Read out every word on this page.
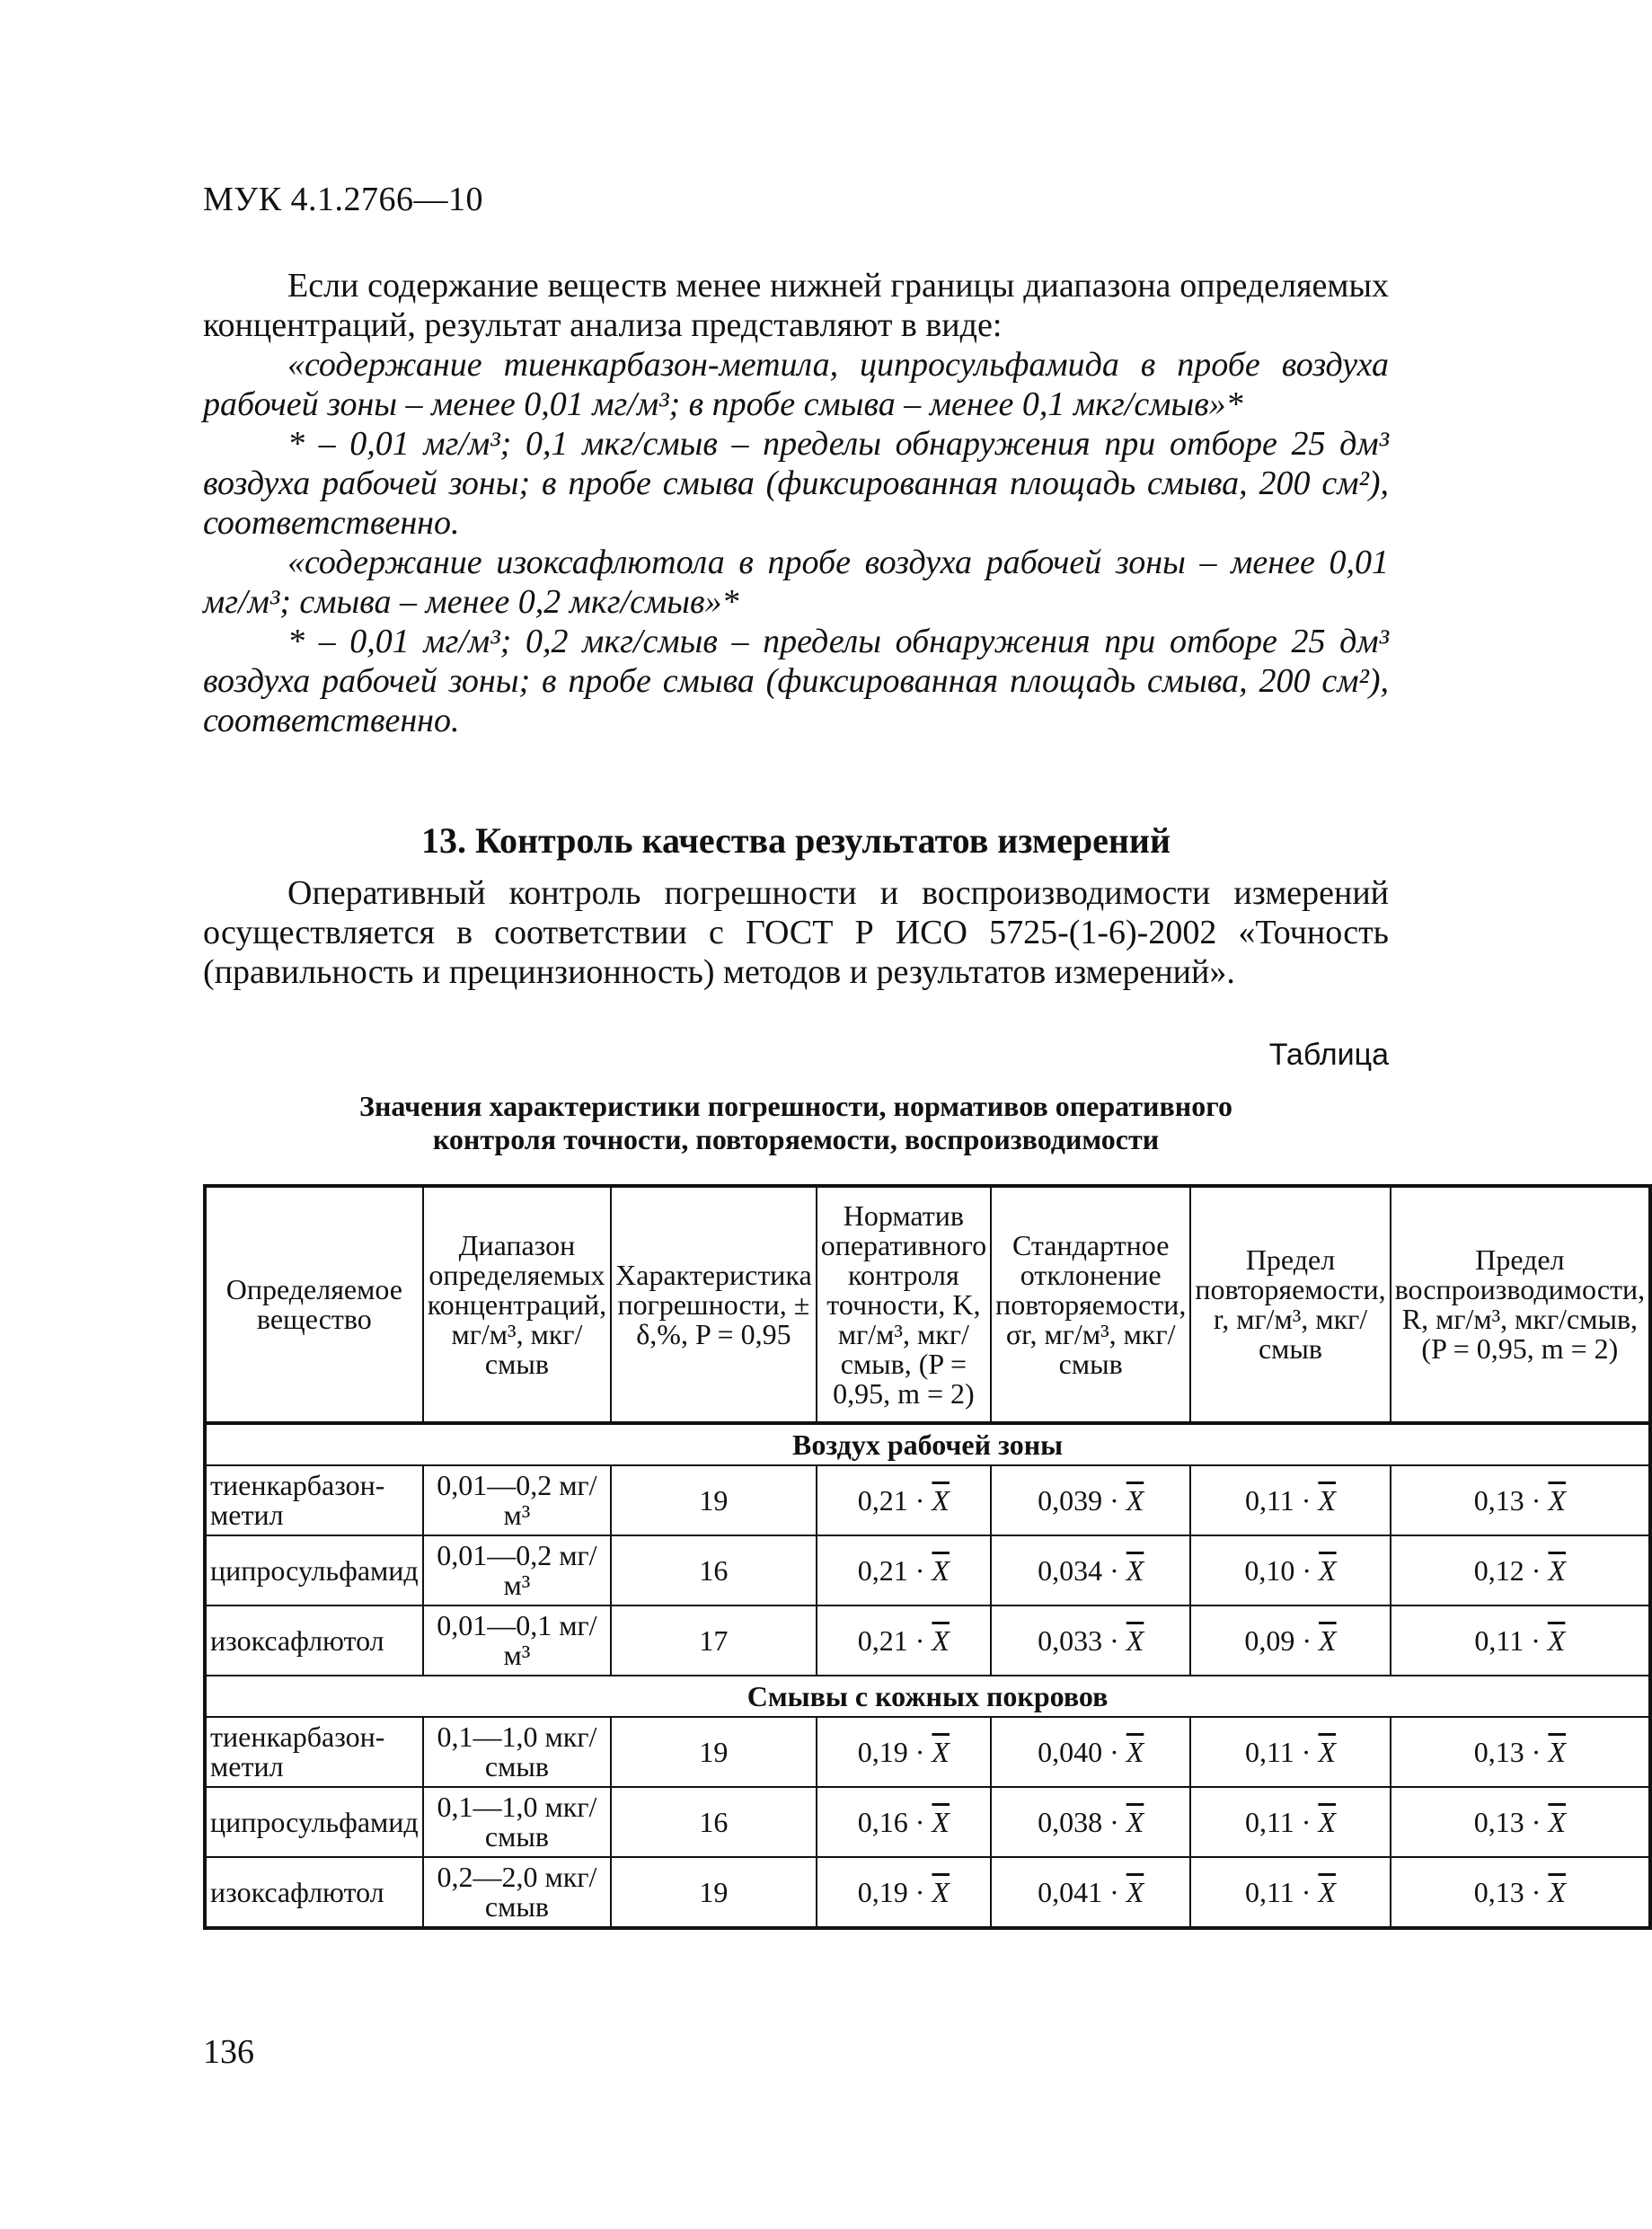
МУК 4.1.2766—10

Если содержание веществ менее нижней границы диапазона определяемых концентраций, результат анализа представляют в виде:

«содержание тиенкарбазон-метила, ципросульфамида в пробе воздуха рабочей зоны – менее 0,01 мг/м³; в пробе смыва – менее 0,1 мкг/смыв»*

* – 0,01 мг/м³; 0,1 мкг/смыв – пределы обнаружения при отборе 25 дм³ воздуха рабочей зоны; в пробе смыва (фиксированная площадь смыва, 200 см²), соответственно.

«содержание изоксафлютола в пробе воздуха рабочей зоны – менее 0,01 мг/м³; смыва – менее 0,2 мкг/смыв»*

* – 0,01 мг/м³; 0,2 мкг/смыв – пределы обнаружения при отборе 25 дм³ воздуха рабочей зоны; в пробе смыва (фиксированная площадь смыва, 200 см²), соответственно.

13. Контроль качества результатов измерений

Оперативный контроль погрешности и воспроизводимости измерений осуществляется в соответствии с ГОСТ Р ИСО 5725-(1-6)-2002 «Точность (правильность и прецинзионность) методов и результатов измерений».

Таблица
Значения характеристики погрешности, нормативов оперативного
контроля точности, повторяемости, воспроизводимости
Определяемое вещество	Диапазон определяемых концентраций, мг/м³, мкг/смыв	Характеристика погрешности, ± δ,%, P = 0,95	Норматив оперативного контроля точности, K, мг/м³, мкг/смыв, (P = 0,95, m = 2)	Стандартное отклонение повторяемости, σr, мг/м³, мкг/смыв	Предел повторяемости, r, мг/м³, мкг/смыв	Предел воспроизводимости, R, мг/м³, мкг/смыв, (P = 0,95, m = 2)
Воздух рабочей зоны						
тиенкарбазон-метил	0,01—0,2 мг/м³	19	$0,21 \cdot \overline{X}$	$0,039 \cdot \overline{X}$	$0,11 \cdot \overline{X}$	$0,13 \cdot \overline{X}$
ципросульфамид	0,01—0,2 мг/м³	16	$0,21 \cdot \overline{X}$	$0,034 \cdot \overline{X}$	$0,10 \cdot \overline{X}$	$0,12 \cdot \overline{X}$
изоксафлютол	0,01—0,1 мг/м³	17	$0,21 \cdot \overline{X}$	$0,033 \cdot \overline{X}$	$0,09 \cdot \overline{X}$	$0,11 \cdot \overline{X}$
Смывы с кожных покровов						
тиенкарбазон-метил	0,1—1,0 мкг/смыв	19	$0,19 \cdot \overline{X}$	$0,040 \cdot \overline{X}$	$0,11 \cdot \overline{X}$	$0,13 \cdot \overline{X}$
ципросульфамид	0,1—1,0 мкг/смыв	16	$0,16 \cdot \overline{X}$	$0,038 \cdot \overline{X}$	$0,11 \cdot \overline{X}$	$0,13 \cdot \overline{X}$
изоксафлютол	0,2—2,0 мкг/смыв	19	$0,19 \cdot \overline{X}$	$0,041 \cdot \overline{X}$	$0,11 \cdot \overline{X}$	$0,13 \cdot \overline{X}$
136
